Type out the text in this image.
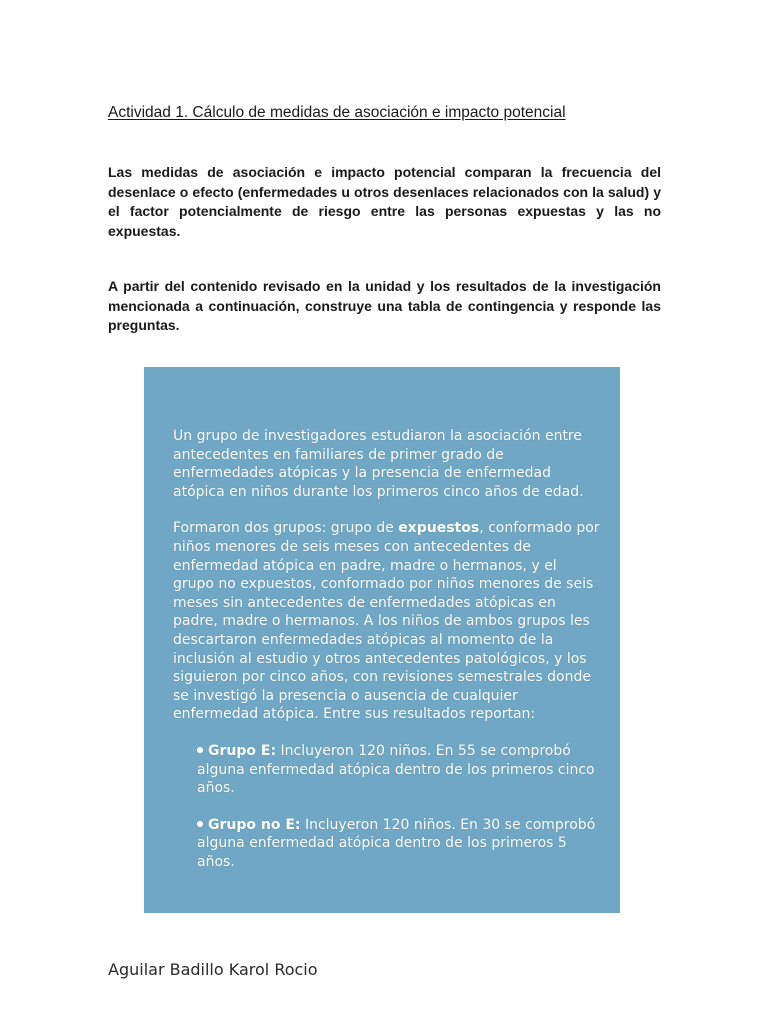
Actividad 1. Cálculo de medidas de asociación e impacto potencial
Las medidas de asociación e impacto potencial comparan la frecuencia del desenlace o efecto (enfermedades u otros desenlaces relacionados con la salud) y el factor potencialmente de riesgo entre las personas expuestas y las no expuestas.
A partir del contenido revisado en la unidad y los resultados de la investigación mencionada a continuación, construye una tabla de contingencia y responde las preguntas.

Un grupo de investigadores estudiaron la asociación entre antecedentes en familiares de primer grado de enfermedades atópicas y la presencia de enfermedad atópica en niños durante los primeros cinco años de edad.

Formaron dos grupos: grupo de expuestos, conformado por niños menores de seis meses con antecedentes de enfermedad atópica en padre, madre o hermanos, y el grupo no expuestos, conformado por niños menores de seis meses sin antecedentes de enfermedades atópicas en padre, madre o hermanos. A los niños de ambos grupos les descartaron enfermedades atópicas al momento de la inclusión al estudio y otros antecedentes patológicos, y los siguieron por cinco años, con revisiones semestrales donde se investigó la presencia o ausencia de cualquier enfermedad atópica. Entre sus resultados reportan:

Grupo E: Incluyeron 120 niños. En 55 se comprobó alguna enfermedad atópica dentro de los primeros cinco años.

Grupo no E: Incluyeron 120 niños. En 30 se comprobó alguna enfermedad atópica dentro de los primeros 5 años.

Aguilar Badillo Karol Rocio
